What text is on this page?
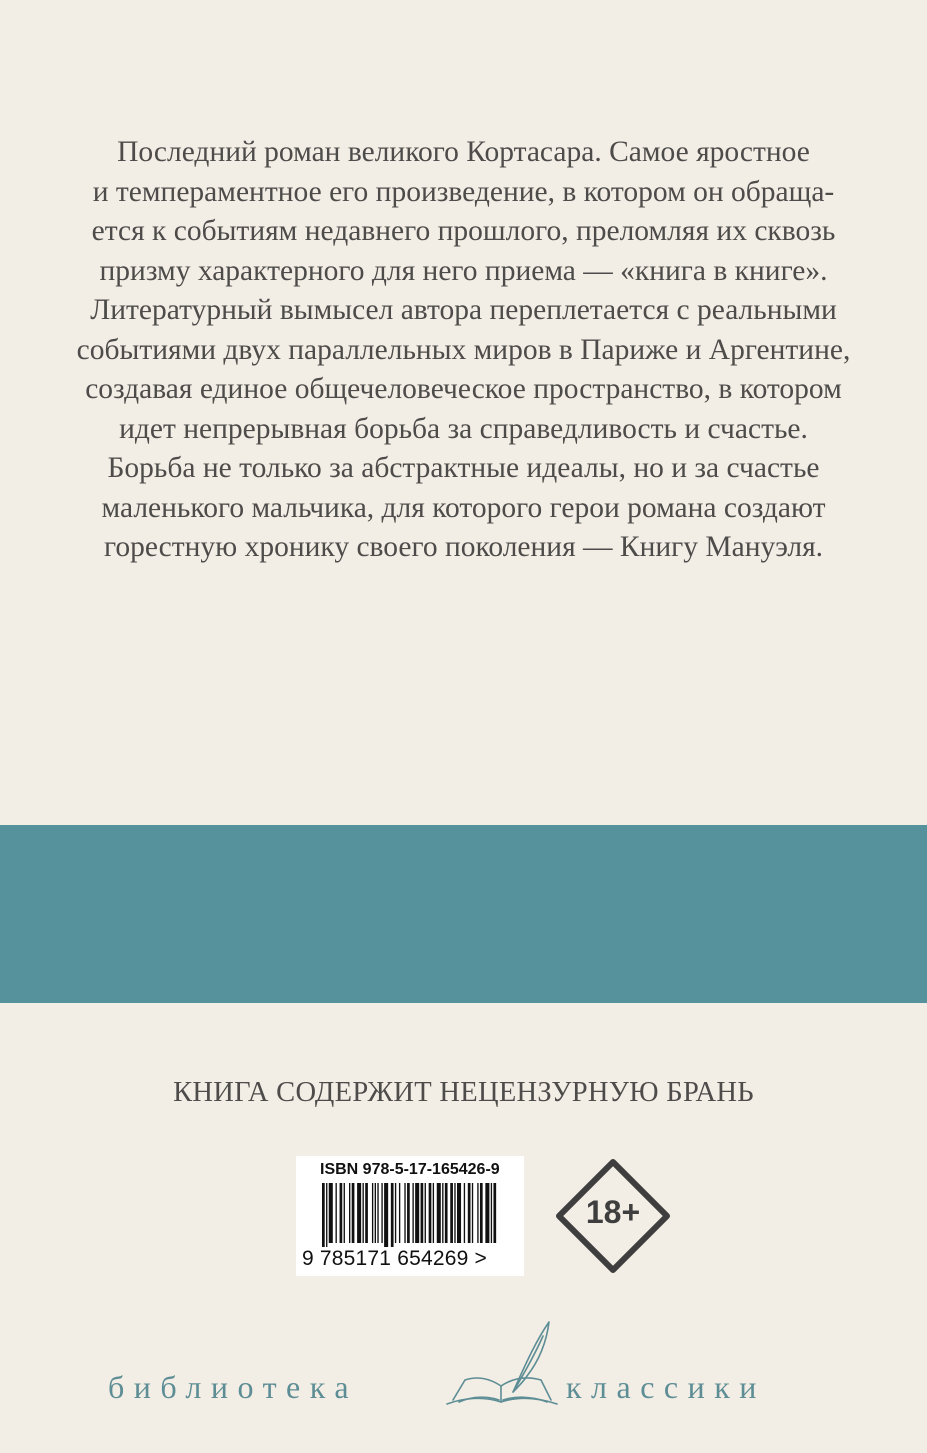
Последний роман великого Кортасара. Самое яростное
и темпераментное его произведение, в котором он обраща-
ется к событиям недавнего прошлого, преломляя их сквозь
призму характерного для него приема — «книга в книге».
Литературный вымысел автора переплетается с реальными
событиями двух параллельных миров в Париже и Аргентине,
создавая единое общечеловеческое пространство, в котором
идет непрерывная борьба за справедливость и счастье.
Борьба не только за абстрактные идеалы, но и за счастье
маленького мальчика, для которого герои романа создают
горестную хронику своего поколения — Книгу Мануэля.
КНИГА СОДЕРЖИТ НЕЦЕНЗУРНУЮ БРАНЬ
ISBN 978-5-17-165426-9
9 785171 654269 >
18+
библиотека	классики
